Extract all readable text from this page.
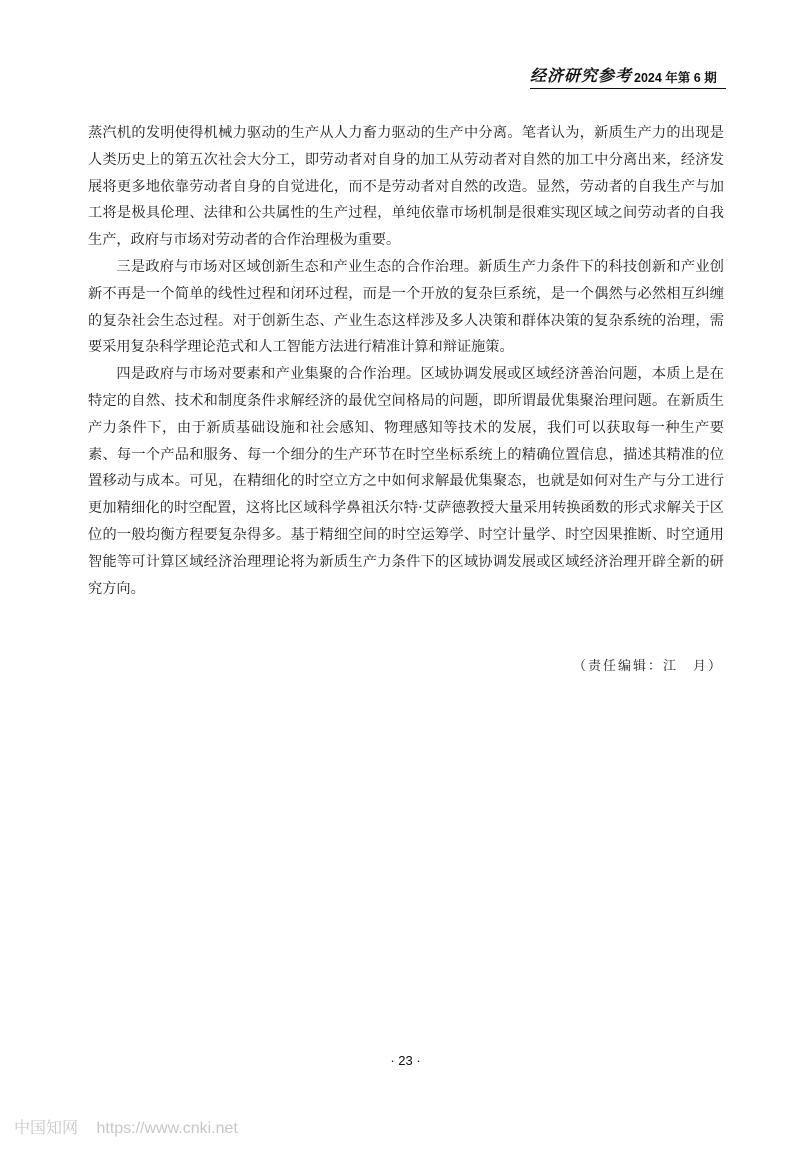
经济研究参考 2024 年第 6 期

蒸汽机的发明使得机械力驱动的生产从人力畜力驱动的生产中分离。笔者认为，新质生产力的出现是人类历史上的第五次社会大分工，即劳动者对自身的加工从劳动者对自然的加工中分离出来，经济发展将更多地依靠劳动者自身的自觉进化，而不是劳动者对自然的改造。显然，劳动者的自我生产与加工将是极具伦理、法律和公共属性的生产过程，单纯依靠市场机制是很难实现区域之间劳动者的自我生产，政府与市场对劳动者的合作治理极为重要。

三是政府与市场对区域创新生态和产业生态的合作治理。新质生产力条件下的科技创新和产业创新不再是一个简单的线性过程和闭环过程，而是一个开放的复杂巨系统，是一个偶然与必然相互纠缠的复杂社会生态过程。对于创新生态、产业生态这样涉及多人决策和群体决策的复杂系统的治理，需要采用复杂科学理论范式和人工智能方法进行精准计算和辩证施策。

四是政府与市场对要素和产业集聚的合作治理。区域协调发展或区域经济善治问题，本质上是在特定的自然、技术和制度条件求解经济的最优空间格局的问题，即所谓最优集聚治理问题。在新质生产力条件下，由于新质基础设施和社会感知、物理感知等技术的发展，我们可以获取每一种生产要素、每一个产品和服务、每一个细分的生产环节在时空坐标系统上的精确位置信息，描述其精准的位置移动与成本。可见，在精细化的时空立方之中如何求解最优集聚态，也就是如何对生产与分工进行更加精细化的时空配置，这将比区域科学鼻祖沃尔特·艾萨德教授大量采用转换函数的形式求解关于区位的一般均衡方程要复杂得多。基于精细空间的时空运筹学、时空计量学、时空因果推断、时空通用智能等可计算区域经济治理理论将为新质生产力条件下的区域协调发展或区域经济治理开辟全新的研究方向。

（责任编辑：江　月）
· 23 ·
中国知网 https://www.cnki.net
